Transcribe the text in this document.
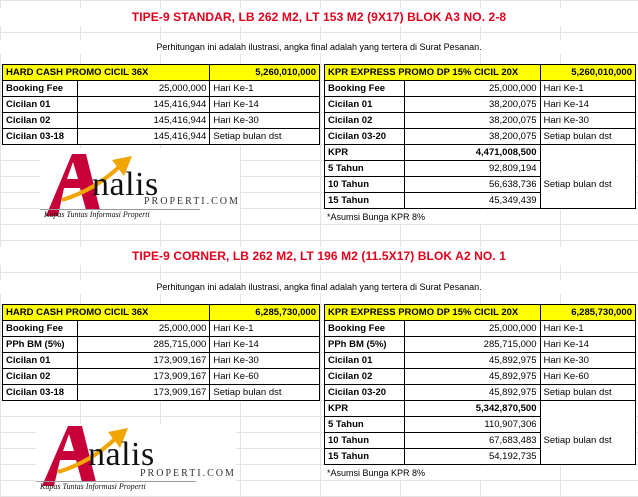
TIPE-9 STANDAR, LB 262 M2, LT 153 M2 (9X17) BLOK A3 NO. 2-8
Perhitungan ini adalah ilustrasi, angka final adalah yang tertera di Surat Pesanan.
HARD CASH PROMO CICIL 36X		5,260,010,000
Booking Fee	25,000,000	Hari Ke-1
Cicilan 01	145,416,944	Hari Ke-14
Cicilan 02	145,416,944	Hari Ke-30
Cicilan 03-18	145,416,944	Setiap bulan dst
KPR EXPRESS PROMO DP 15% CICIL 20X		5,260,010,000
Booking Fee	25,000,000	Hari Ke-1
Cicilan 01	38,200,075	Hari Ke-14
Cicilan 02	38,200,075	Hari Ke-30
Cicilan 03-20	38,200,075	Setiap bulan dst
KPR	4,471,008,500	
5 Tahun	92,809,194	
10 Tahun	56,638,736	Setiap bulan dst
15 Tahun	45,349,439	
*Asumsi Bunga KPR 8%
nalis
PROPERTI.COM
Kupas Tuntas Informasi Properti
TIPE-9 CORNER, LB 262 M2, LT 196 M2 (11.5X17) BLOK A2 NO. 1
Perhitungan ini adalah ilustrasi, angka final adalah yang tertera di Surat Pesanan.
HARD CASH PROMO CICIL 36X		6,285,730,000
Booking Fee	25,000,000	Hari Ke-1
PPh BM (5%)	285,715,000	Hari Ke-14
Cicilan 01	173,909,167	Hari Ke-30
Cicilan 02	173,909,167	Hari Ke-60
Cicilan 03-18	173,909,167	Setiap bulan dst
KPR EXPRESS PROMO DP 15% CICIL 20X		6,285,730,000
Booking Fee	25,000,000	Hari Ke-1
PPh BM (5%)	285,715,000	Hari Ke-14
Cicilan 01	45,892,975	Hari Ke-30
Cicilan 02	45,892,975	Hari Ke-60
Cicilan 03-20	45,892,975	Setiap bulan dst
KPR	5,342,870,500	
5 Tahun	110,907,306	
10 Tahun	67,683,483	Setiap bulan dst
15 Tahun	54,192,735	
*Asumsi Bunga KPR 8%
nalis
PROPERTI.COM
Kupas Tuntas Informasi Properti
